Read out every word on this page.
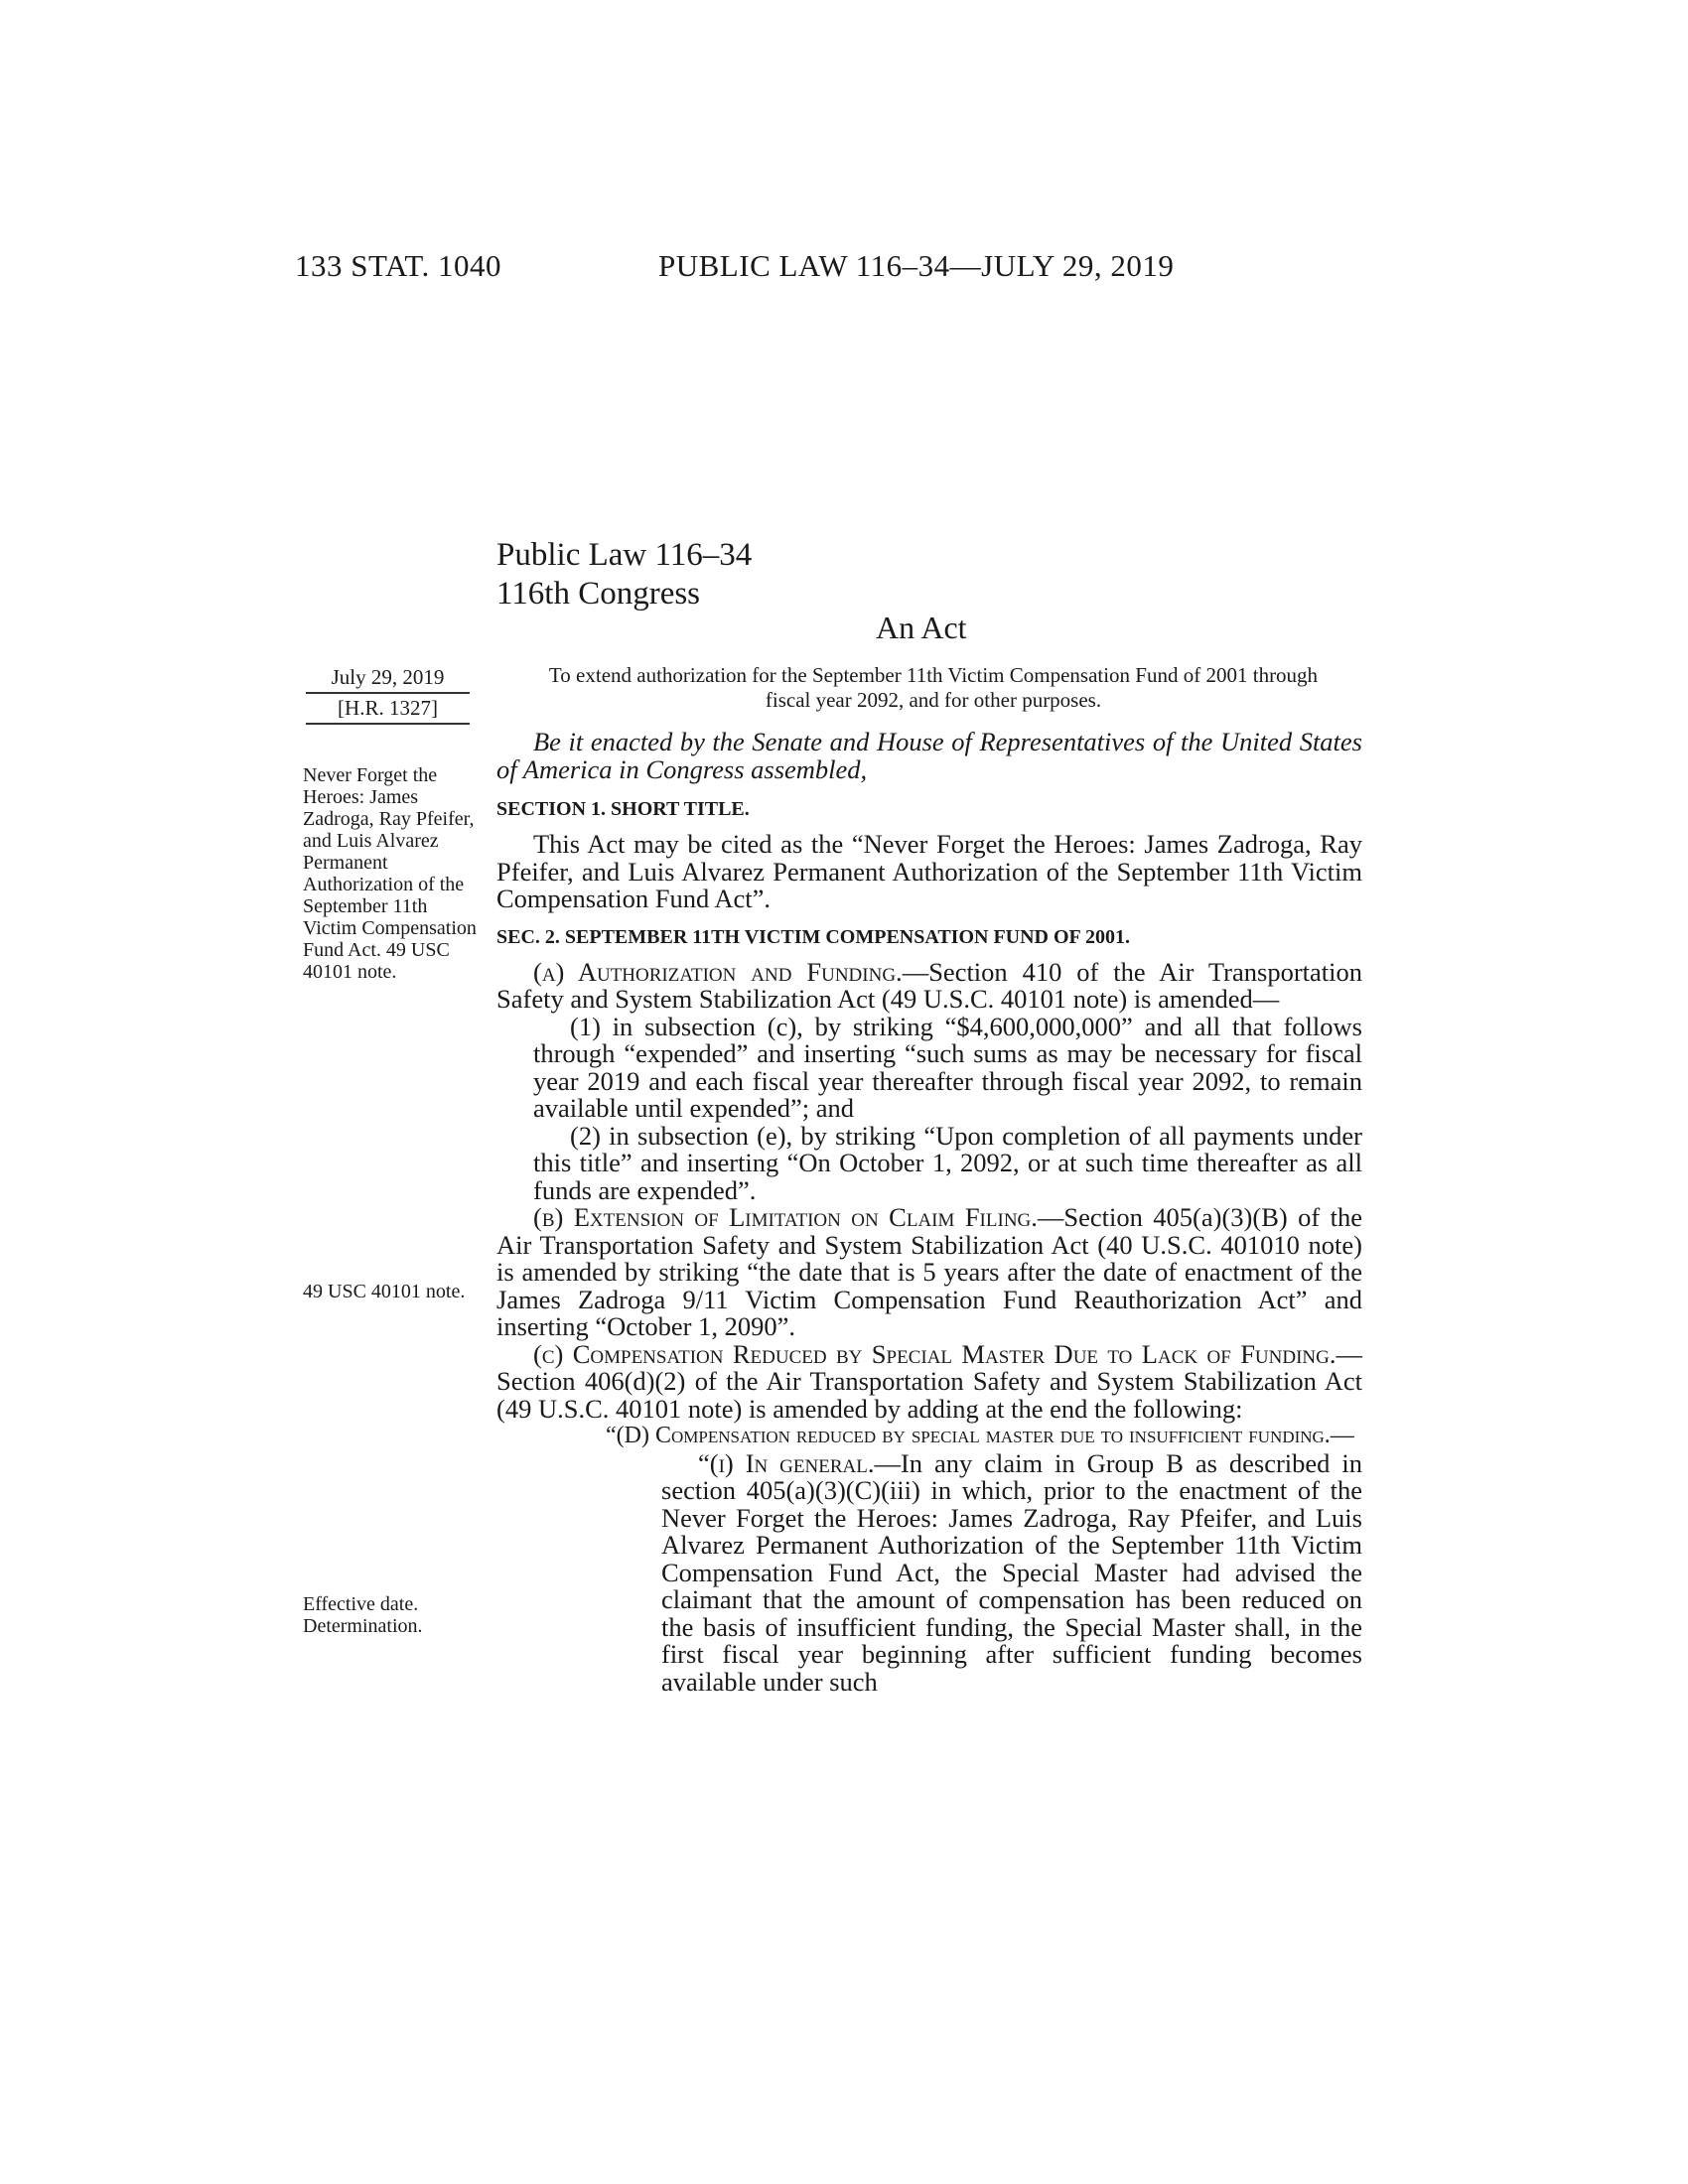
133 STAT. 1040	PUBLIC LAW 116–34—JULY 29, 2019
Public Law 116–34
116th Congress
An Act
July 29, 2019
[H.R. 1327]
To extend authorization for the September 11th Victim Compensation Fund of 2001 through fiscal year 2092, and for other purposes.
Never Forget the Heroes: James Zadroga, Ray Pfeifer, and Luis Alvarez Permanent Authorization of the September 11th Victim Compensation Fund Act. 49 USC 40101 note.
49 USC 40101 note.
Effective date. Determination.

Be it enacted by the Senate and House of Representatives of the United States of America in Congress assembled,

SECTION 1. SHORT TITLE.

This Act may be cited as the “Never Forget the Heroes: James Zadroga, Ray Pfeifer, and Luis Alvarez Permanent Authorization of the September 11th Victim Compensation Fund Act”.

SEC. 2. SEPTEMBER 11TH VICTIM COMPENSATION FUND OF 2001.

(a) Authorization and Funding.—Section 410 of the Air Transportation Safety and System Stabilization Act (49 U.S.C. 40101 note) is amended—

(1) in subsection (c), by striking “$4,600,000,000” and all that follows through “expended” and inserting “such sums as may be necessary for fiscal year 2019 and each fiscal year thereafter through fiscal year 2092, to remain available until expended”; and

(2) in subsection (e), by striking “Upon completion of all payments under this title” and inserting “On October 1, 2092, or at such time thereafter as all funds are expended”.

(b) Extension of Limitation on Claim Filing.—Section 405(a)(3)(B) of the Air Transportation Safety and System Stabilization Act (40 U.S.C. 401010 note) is amended by striking “the date that is 5 years after the date of enactment of the James Zadroga 9/11 Victim Compensation Fund Reauthorization Act” and inserting “October 1, 2090”.

(c) Compensation Reduced by Special Master Due to Lack of Funding.—Section 406(d)(2) of the Air Transportation Safety and System Stabilization Act (49 U.S.C. 40101 note) is amended by adding at the end the following:

“(D) Compensation reduced by special master due to insufficient funding.—

“(i) In general.—In any claim in Group B as described in section 405(a)(3)(C)(iii) in which, prior to the enactment of the Never Forget the Heroes: James Zadroga, Ray Pfeifer, and Luis Alvarez Permanent Authorization of the September 11th Victim Compensation Fund Act, the Special Master had advised the claimant that the amount of compensation has been reduced on the basis of insufficient funding, the Special Master shall, in the first fiscal year beginning after sufficient funding becomes available under such
